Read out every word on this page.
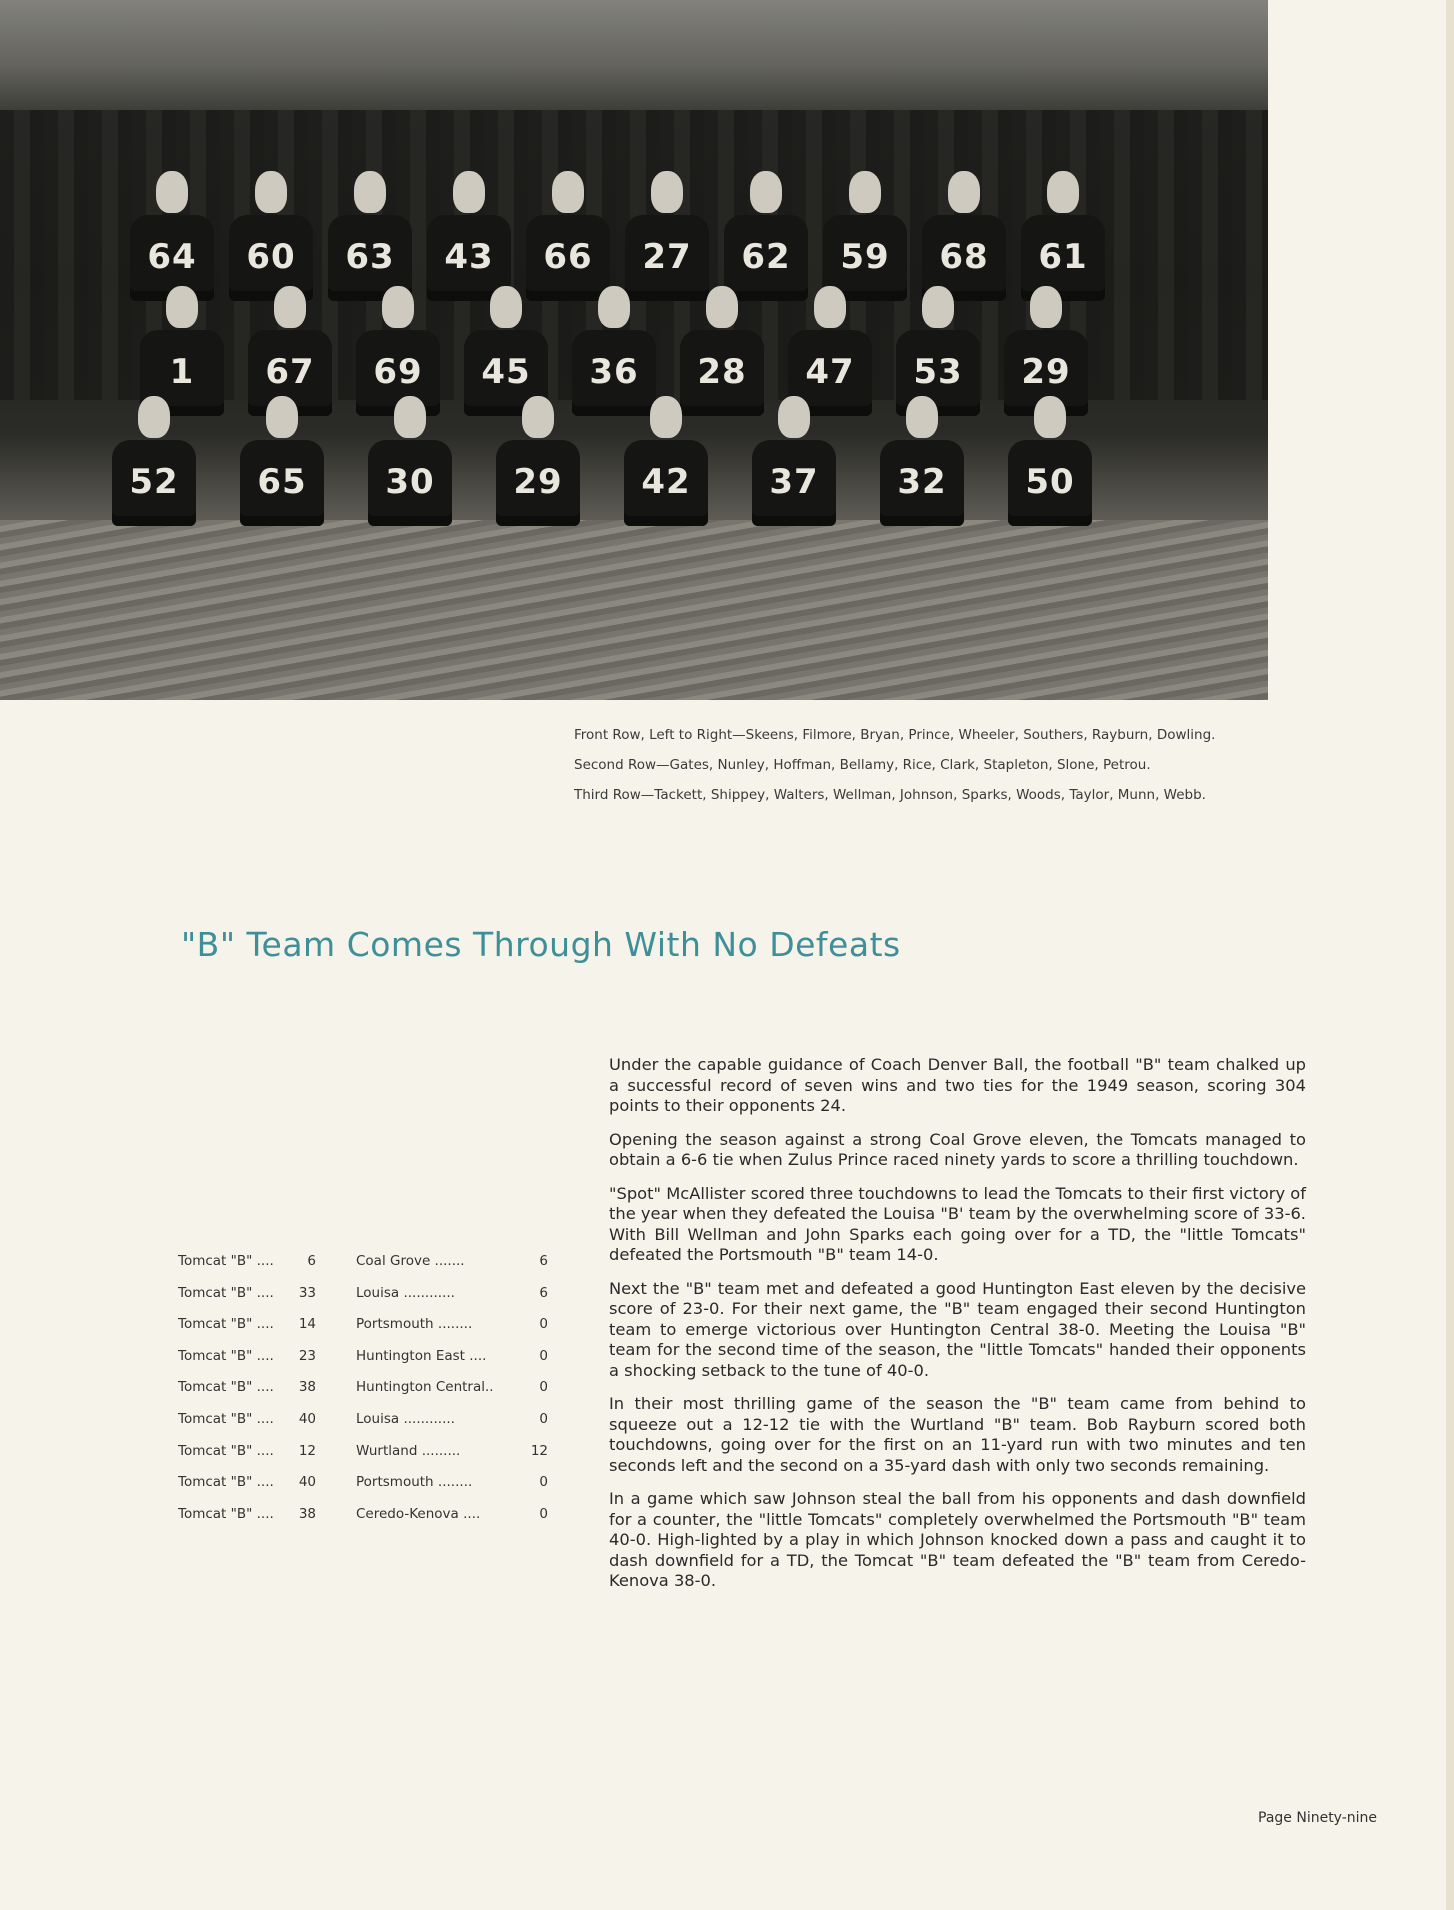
64	60	63	43	66	27	62	59	68	61
1	67	69	45	36	28	47	53	29
52	65	30	29	42	37	32	50

Front Row, Left to Right—Skeens, Filmore, Bryan, Prince, Wheeler, Southers, Rayburn, Dowling.

Second Row—Gates, Nunley, Hoffman, Bellamy, Rice, Clark, Stapleton, Slone, Petrou.

Third Row—Tackett, Shippey, Walters, Wellman, Johnson, Sparks, Woods, Taylor, Munn, Webb.

"B" Team Comes Through With No Defeats
Tomcat "B" ....	6	Coal Grove .......	6
Tomcat "B" ....	33	Louisa ............	6
Tomcat "B" ....	14	Portsmouth ........	0
Tomcat "B" ....	23	Huntington East ....	0
Tomcat "B" ....	38	Huntington Central..	0
Tomcat "B" ....	40	Louisa ............	0
Tomcat "B" ....	12	Wurtland .........	12
Tomcat "B" ....	40	Portsmouth ........	0
Tomcat "B" ....	38	Ceredo-Kenova ....	0

Under the capable guidance of Coach Denver Ball, the football "B" team chalked up a successful record of seven wins and two ties for the 1949 season, scoring 304 points to their opponents 24.

Opening the season against a strong Coal Grove eleven, the Tomcats managed to obtain a 6-6 tie when Zulus Prince raced ninety yards to score a thrilling touchdown.

"Spot" McAllister scored three touchdowns to lead the Tomcats to their first victory of the year when they defeated the Louisa "B' team by the overwhelming score of 33-6. With Bill Wellman and John Sparks each going over for a TD, the "little Tomcats" defeated the Portsmouth "B" team 14-0.

Next the "B" team met and defeated a good Huntington East eleven by the decisive score of 23-0. For their next game, the "B" team engaged their second Huntington team to emerge victorious over Huntington Central 38-0. Meeting the Louisa "B" team for the second time of the season, the "little Tomcats" handed their opponents a shocking setback to the tune of 40-0.

In their most thrilling game of the season the "B" team came from behind to squeeze out a 12-12 tie with the Wurtland "B" team. Bob Rayburn scored both touchdowns, going over for the first on an 11-yard run with two minutes and ten seconds left and the second on a 35-yard dash with only two seconds remaining.

In a game which saw Johnson steal the ball from his opponents and dash downfield for a counter, the "little Tomcats" completely overwhelmed the Portsmouth "B" team 40-0. High-lighted by a play in which Johnson knocked down a pass and caught it to dash downfield for a TD, the Tomcat "B" team defeated the "B" team from Ceredo-Kenova 38-0.

Page Ninety-nine
